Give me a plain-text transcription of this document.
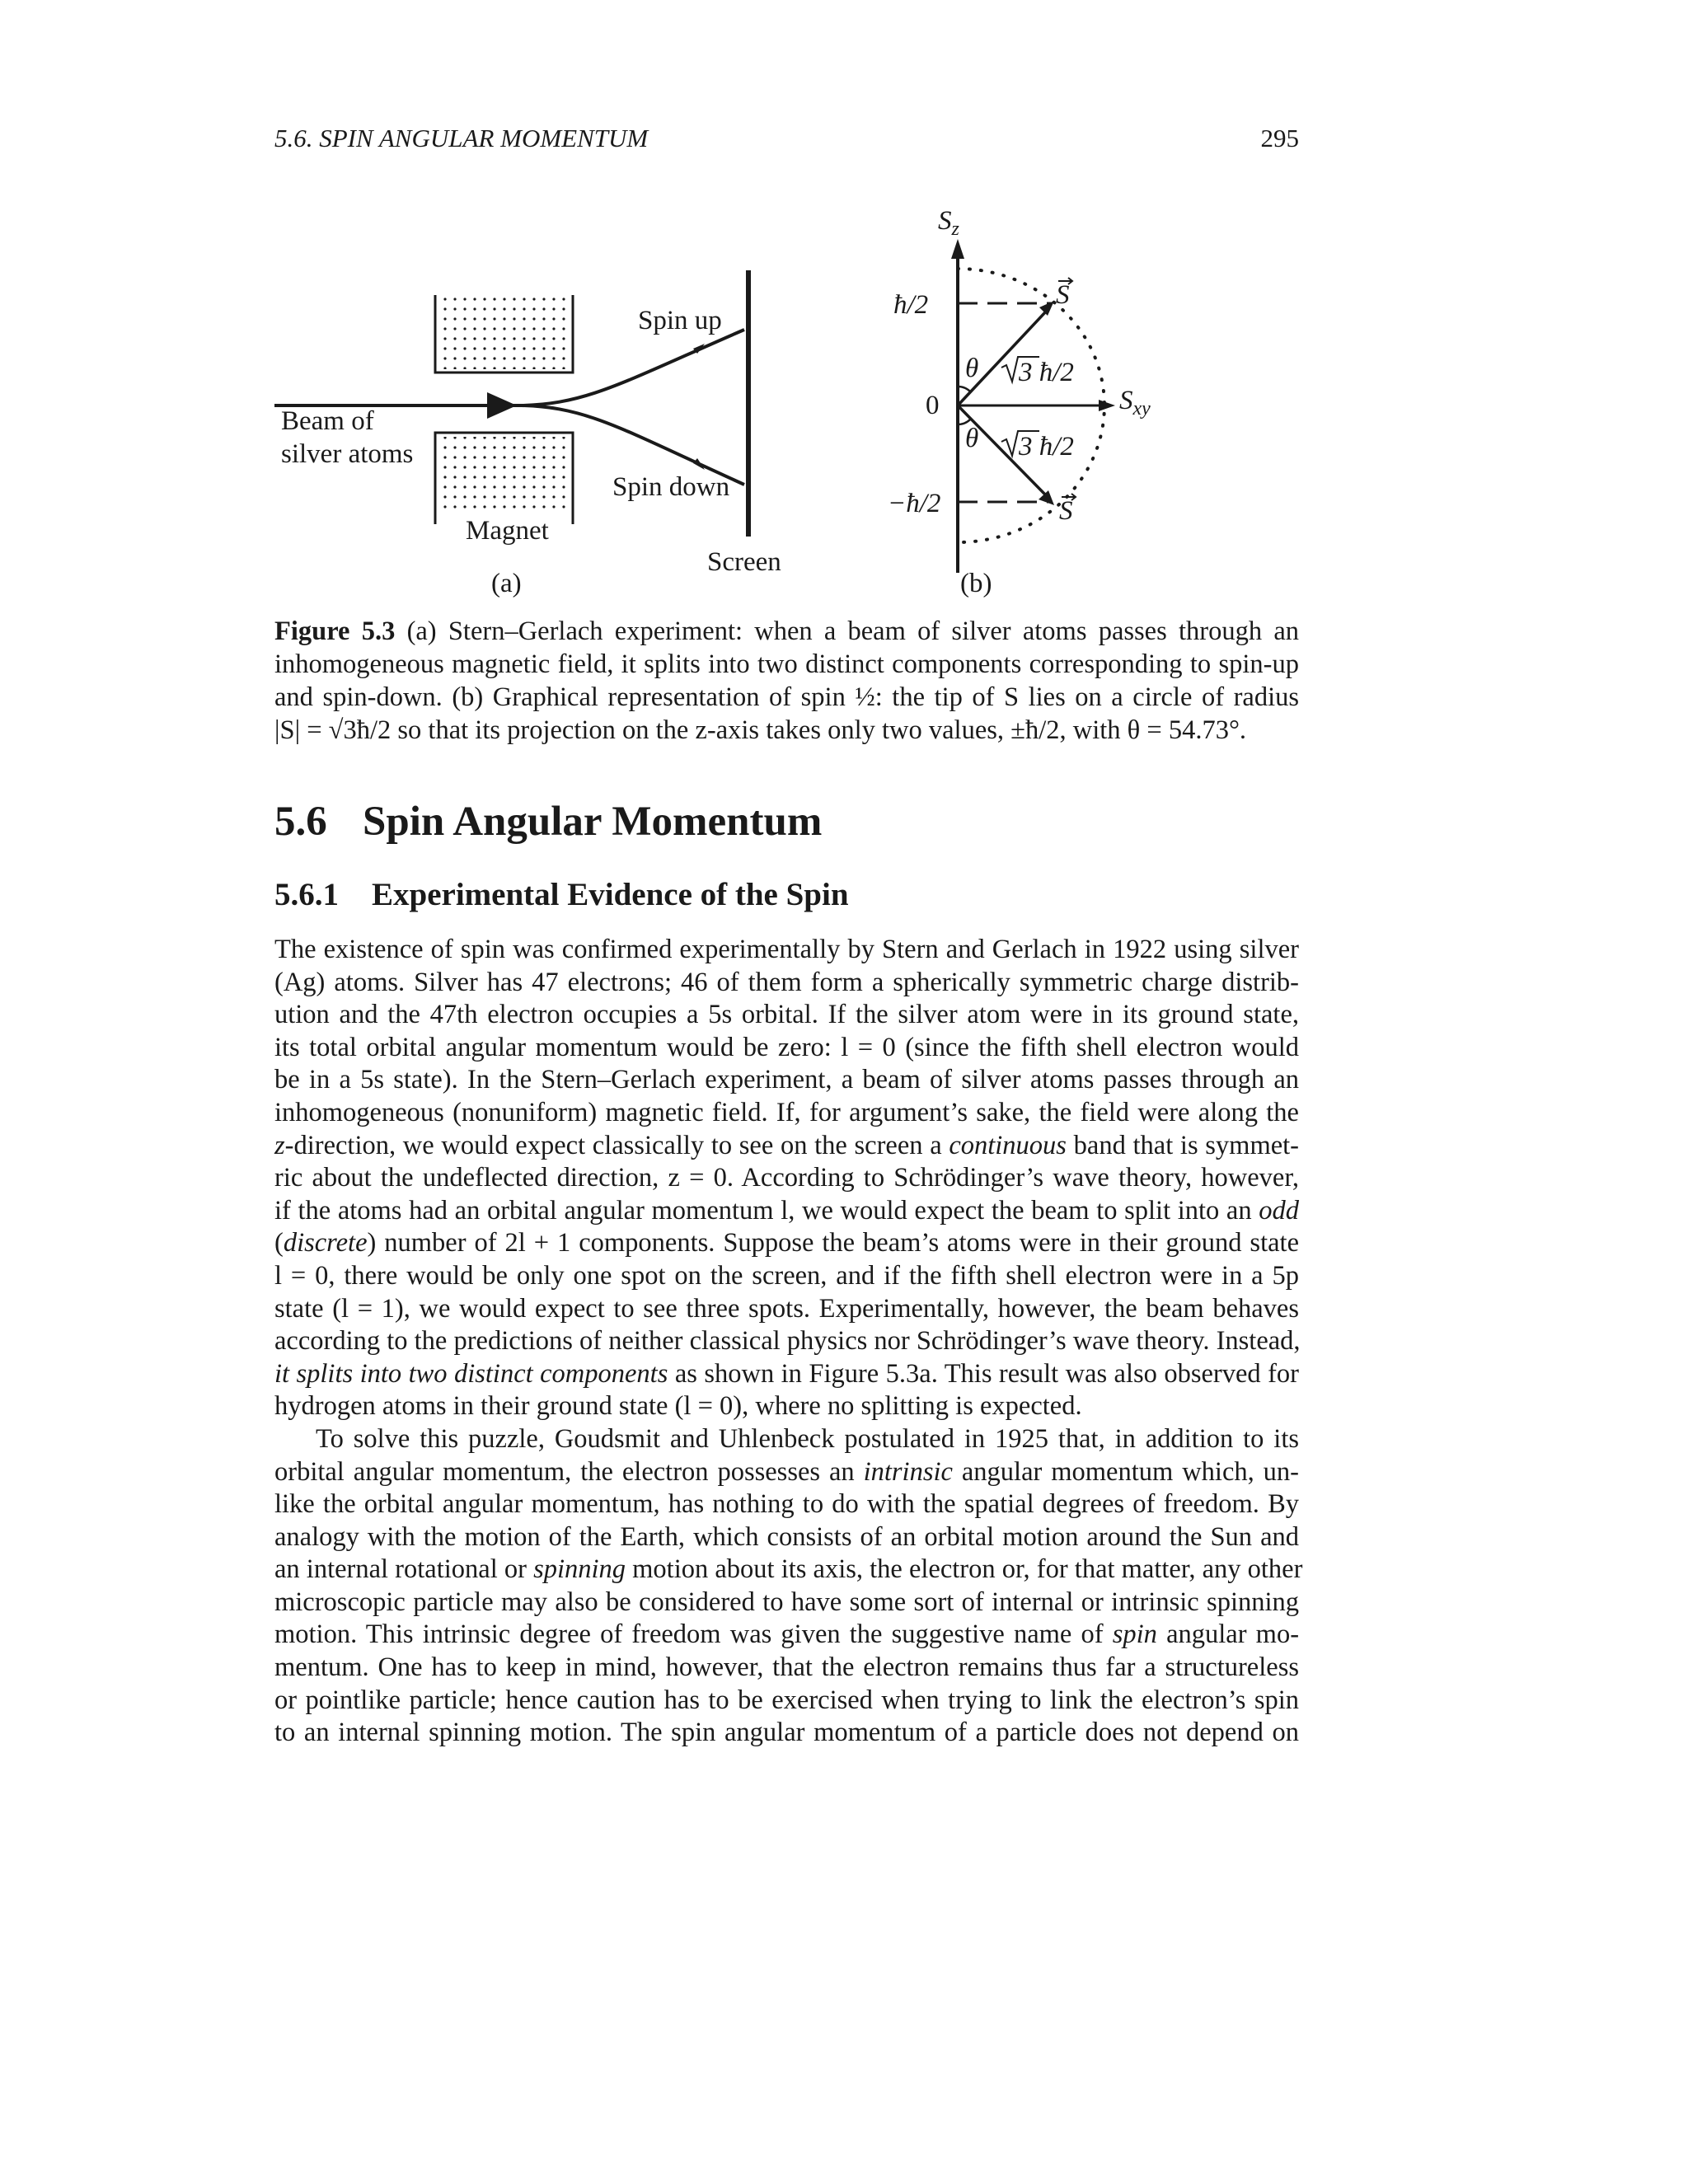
5.6. SPIN ANGULAR MOMENTUM	295
Beam of
silver atoms
Spin up
Spin down
Magnet
Screen
(a)
$S_z$
$S_{xy}$
ħ/2
0
−ħ/2
θ
θ
S
S
3 ħ/2
3 ħ/2
(b)
Figure 5.3 (a) Stern–Gerlach experiment: when a beam of silver atoms passes through an
inhomogeneous magnetic field, it splits into two distinct components corresponding to spin-up
and spin-down. (b) Graphical representation of spin ½: the tip of S lies on a circle of radius
|S| = √3ħ/2 so that its projection on the z-axis takes only two values, ±ħ/2, with θ = 54.73°.
5.6 Spin Angular Momentum
5.6.1 Experimental Evidence of the Spin
The existence of spin was confirmed experimentally by Stern and Gerlach in 1922 using silver
(Ag) atoms. Silver has 47 electrons; 46 of them form a spherically symmetric charge distrib-
ution and the 47th electron occupies a 5s orbital. If the silver atom were in its ground state,
its total orbital angular momentum would be zero: l = 0 (since the fifth shell electron would
be in a 5s state). In the Stern–Gerlach experiment, a beam of silver atoms passes through an
inhomogeneous (nonuniform) magnetic field. If, for argument’s sake, the field were along the
z-direction, we would expect classically to see on the screen a continuous band that is symmet-
ric about the undeflected direction, z = 0. According to Schrödinger’s wave theory, however,
if the atoms had an orbital angular momentum l, we would expect the beam to split into an odd
(discrete) number of 2l + 1 components. Suppose the beam’s atoms were in their ground state
l = 0, there would be only one spot on the screen, and if the fifth shell electron were in a 5p
state (l = 1), we would expect to see three spots. Experimentally, however, the beam behaves
according to the predictions of neither classical physics nor Schrödinger’s wave theory. Instead,
it splits into two distinct components as shown in Figure 5.3a. This result was also observed for
hydrogen atoms in their ground state (l = 0), where no splitting is expected.
To solve this puzzle, Goudsmit and Uhlenbeck postulated in 1925 that, in addition to its
orbital angular momentum, the electron possesses an intrinsic angular momentum which, un-
like the orbital angular momentum, has nothing to do with the spatial degrees of freedom. By
analogy with the motion of the Earth, which consists of an orbital motion around the Sun and
an internal rotational or spinning motion about its axis, the electron or, for that matter, any other
microscopic particle may also be considered to have some sort of internal or intrinsic spinning
motion. This intrinsic degree of freedom was given the suggestive name of spin angular mo-
mentum. One has to keep in mind, however, that the electron remains thus far a structureless
or pointlike particle; hence caution has to be exercised when trying to link the electron’s spin
to an internal spinning motion. The spin angular momentum of a particle does not depend on
